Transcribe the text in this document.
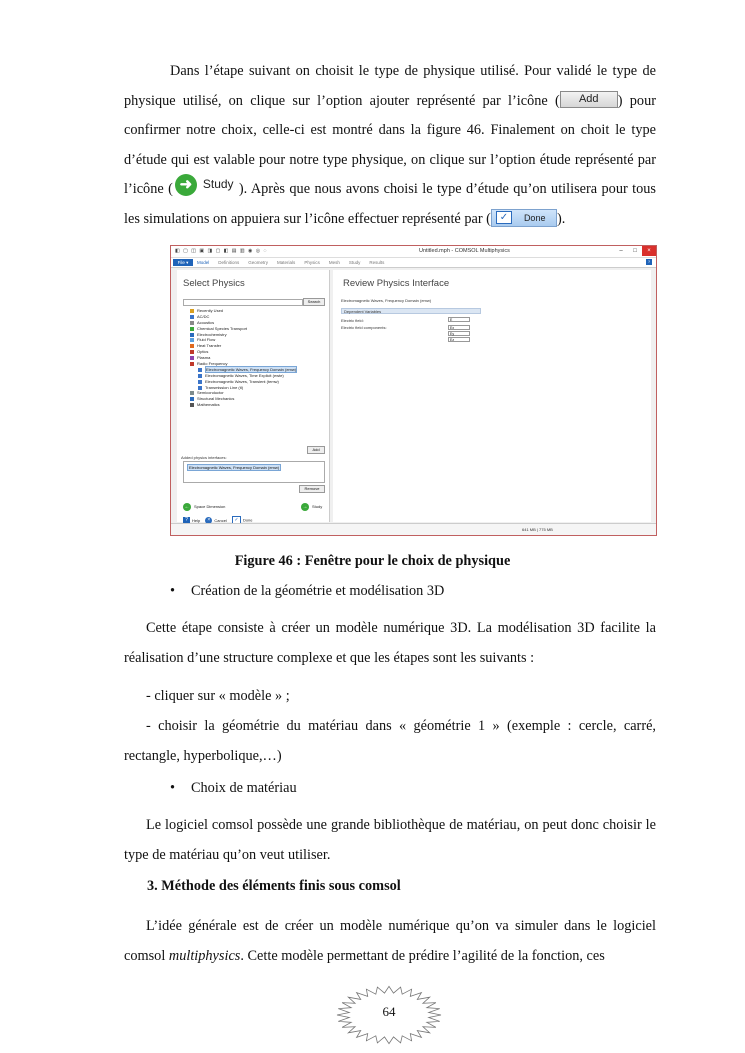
Dans l’étape suivant on choisit le type de physique utilisé. Pour validé le type de physique utilisé, on clique sur l’option ajouter représenté par l’icône ( Add ) pour confirmer notre choix, celle-ci est montré dans la figure 46. Finalement on choit le type d’étude qui est valable pour notre type physique, on clique sur l’option étude représenté par l’icône ( ➜ Study ). Après que nous avons choisi le type d’étude qu’on utilisera pour tous les simulations on appuiera sur l’icône effectuer représenté par ( ✓	Done ).
◧ ▢ ◫ ▣ ◨ ▢ ◧ ▤ ▥ ◉ ◎ ◌	Untitled.mph - COMSOL Multiphysics	–	□	×
File ▾	Model Definitions Geometry Materials Physics Mesh Study Results	?
Select Physics
Search
Recently Used
AC/DC
Acoustics
Chemical Species Transport
Electrochemistry
Fluid Flow
Heat Transfer
Optics
Plasma
Radio Frequency
Electromagnetic Waves, Frequency Domain (emw)
Electromagnetic Waves, Time Explicit (ewte)
Electromagnetic Waves, Transient (temw)
Transmission Line (tl)
Semiconductor
Structural Mechanics
Mathematics
Add
Added physics interfaces:
Electromagnetic Waves, Frequency Domain (emw)
Remove
← Space Dimension	→ Study
? Help × Cancel ✓ Done
Review Physics Interface
Electromagnetic Waves, Frequency Domain (emw)
Dependent Variables
Electric field:	E
Electric field components:	Ex
Ey
Ez
641 MB | 775 MB
Figure 46 : Fenêtre pour le choix de physique
• Création de la géométrie et modélisation 3D
Cette étape consiste à créer un modèle numérique 3D. La modélisation 3D facilite la réalisation d’une structure complexe et que les étapes sont les suivants :
- cliquer sur « modèle » ;
- choisir la géométrie du matériau dans « géométrie 1 » (exemple : cercle, carré, rectangle, hyperbolique,…)
• Choix de matériau
Le logiciel comsol possède une grande bibliothèque de matériau, on peut donc choisir le type de matériau qu’on veut utiliser.
3. Méthode des éléments finis sous comsol
L’idée générale est de créer un modèle numérique qu’on va simuler dans le logiciel comsol multiphysics. Cette modèle permettant de prédire l’agilité de la fonction, ces
64
